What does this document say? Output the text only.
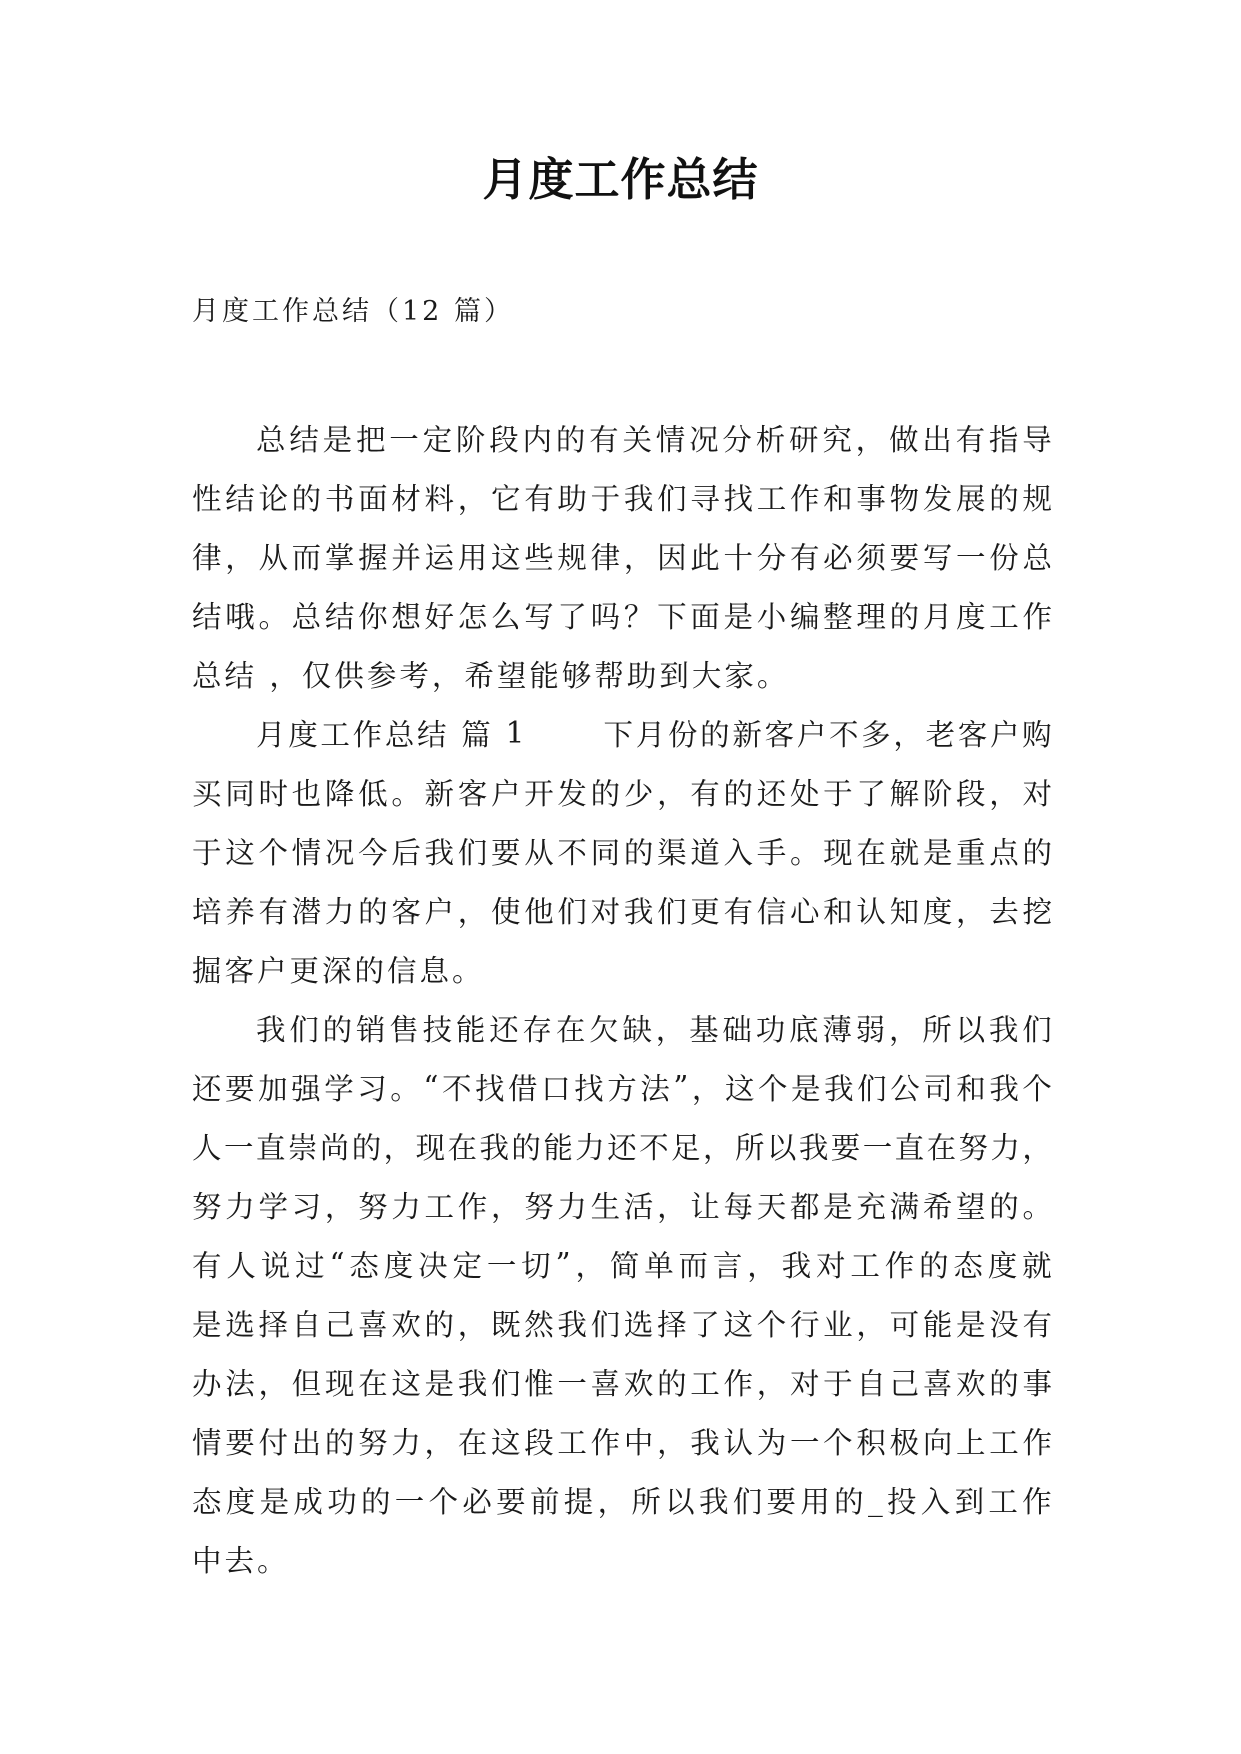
月度工作总结

月度工作总结（12 篇）

总 结 是 把 一 定 阶 段 内 的 有 关 情 况 分 析 研 究 ， 做 出 有 指 导
性 结 论 的 书 面 材 料 ， 它 有 助 于 我 们 寻 找 工 作 和 事 物 发 展 的 规
律 ， 从 而 掌 握 并 运 用 这 些 规 律 ， 因 此 十 分 有 必 须 要 写 一 份 总
结 哦 。 总 结 你 想 好 怎 么 写 了 吗 ？ 下 面 是 小 编 整 理 的 月 度 工 作
总结 ，仅供参考，希望能够帮助到大家。
月 度 工 作 总 结
篇
1

　	下 月 份 的 新 客 户 不 多 ， 老 客 户 购
买 同 时 也 降 低 。 新 客 户 开 发 的 少 ， 有 的 还 处 于 了 解 阶 段 ， 对
于 这 个 情 况 今 后 我 们 要 从 不 同 的 渠 道 入 手 。 现 在 就 是 重 点 的
培 养 有 潜 力 的 客 户 ， 使 他 们 对 我 们 更 有 信 心 和 认 知 度 ， 去 挖
掘客户更深的信息。
我 们 的 销 售 技 能 还 存 在 欠 缺 ， 基 础 功 底 薄 弱 ， 所 以 我 们
还 要 加 强 学 习 。 “ 不 找 借 口 找 方 法 ” ， 这 个 是 我 们 公 司 和 我 个
人 一 直 崇 尚 的 ， 现 在 我 的 能 力 还 不 足 ， 所 以 我 要 一 直 在 努 力 ，
努 力 学 习 ， 努 力 工 作 ， 努 力 生 活 ， 让 每 天 都 是 充 满 希 望 的 。
有 人 说 过 “ 态 度 决 定 一 切 ” ， 简 单 而 言 ， 我 对 工 作 的 态 度 就
是 选 择 自 己 喜 欢 的 ， 既 然 我 们 选 择 了 这 个 行 业 ， 可 能 是 没 有
办 法 ， 但 现 在 这 是 我 们 惟 一 喜 欢 的 工 作 ， 对 于 自 己 喜 欢 的 事
情 要 付 出 的 努 力 ， 在 这 段 工 作 中 ， 我 认 为 一 个 积 极 向 上 工 作
态 度 是 成 功 的 一 个 必 要 前 提 ， 所 以 我 们 要 用 的 _ 投 入 到 工 作
中去。
